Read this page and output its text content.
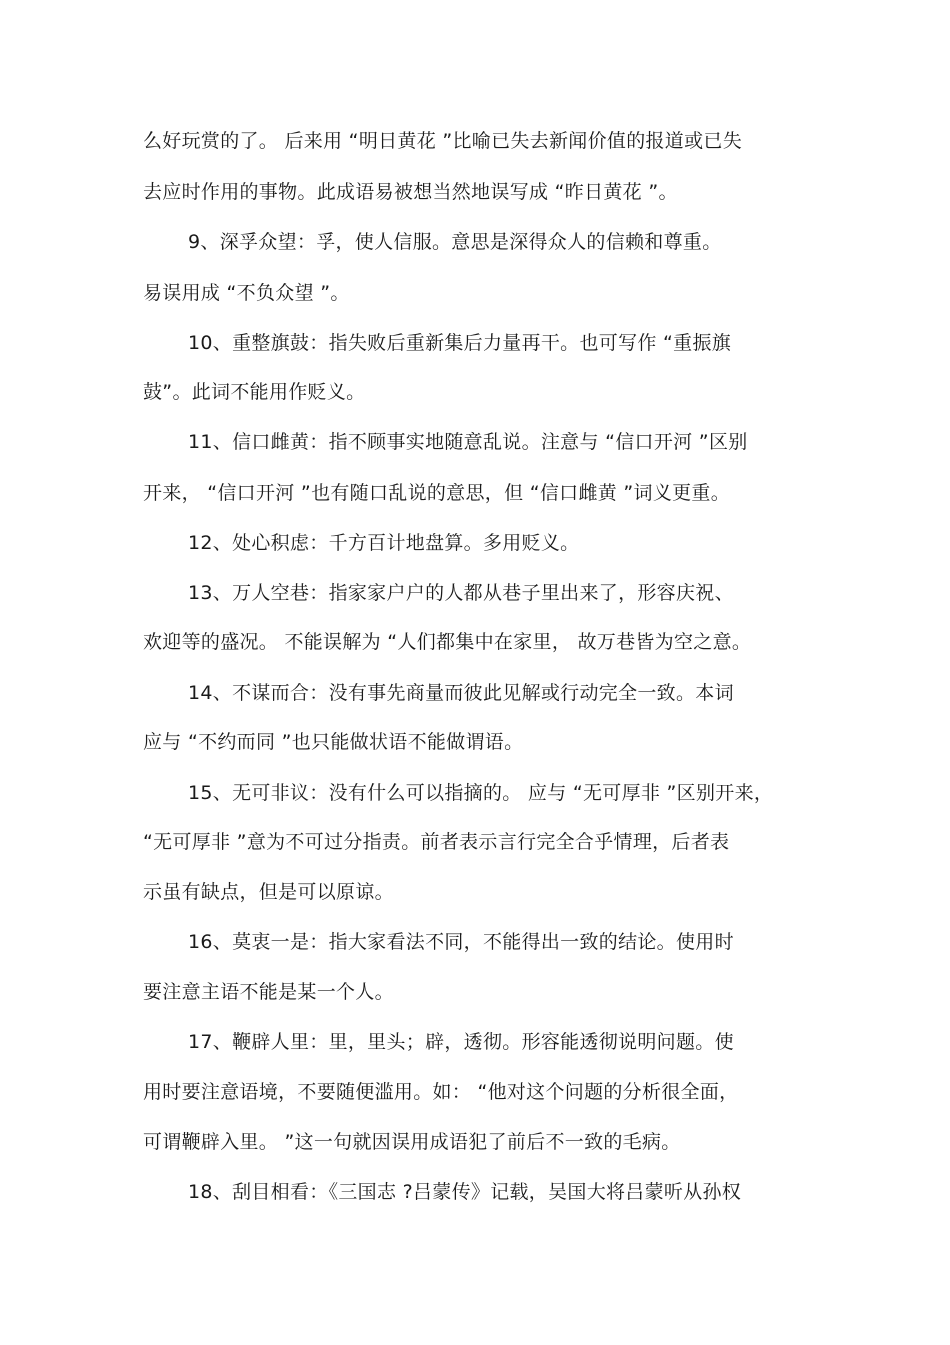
么好玩赏的了。 后来用 “明日黄花 ”比喻已失去新闻价值的报道或已失
去应时作用的事物。此成语易被想当然地误写成 “昨日黄花 ”。
9、深孚众望：孚，使人信服。意思是深得众人的信赖和尊重。
易误用成 “不负众望 ”。
10、重整旗鼓：指失败后重新集后力量再干。也可写作 “重振旗
鼓”。此词不能用作贬义。
11、信口雌黄：指不顾事实地随意乱说。注意与 “信口开河 ”区别
开来， “信口开河 ”也有随口乱说的意思，但 “信口雌黄 ”词义更重。
12、处心积虑：千方百计地盘算。多用贬义。
13、万人空巷：指家家户户的人都从巷子里出来了，形容庆祝、
欢迎等的盛况。 不能误解为 “人们都集中在家里， 故万巷皆为空之意。
14、不谋而合：没有事先商量而彼此见解或行动完全一致。本词
应与 “不约而同 ”也只能做状语不能做谓语。
15、无可非议：没有什么可以指摘的。 应与 “无可厚非 ”区别开来，
“无可厚非 ”意为不可过分指责。前者表示言行完全合乎情理，后者表
示虽有缺点，但是可以原谅。
16、莫衷一是：指大家看法不同，不能得出一致的结论。使用时
要注意主语不能是某一个人。
17、鞭辟人里：里，里头；辟，透彻。形容能透彻说明问题。使
用时要注意语境，不要随便滥用。如： “他对这个问题的分析很全面，
可谓鞭辟入里。 ”这一句就因误用成语犯了前后不一致的毛病。
18、刮目相看：《三国志 ?吕蒙传》记载，吴国大将吕蒙听从孙权
